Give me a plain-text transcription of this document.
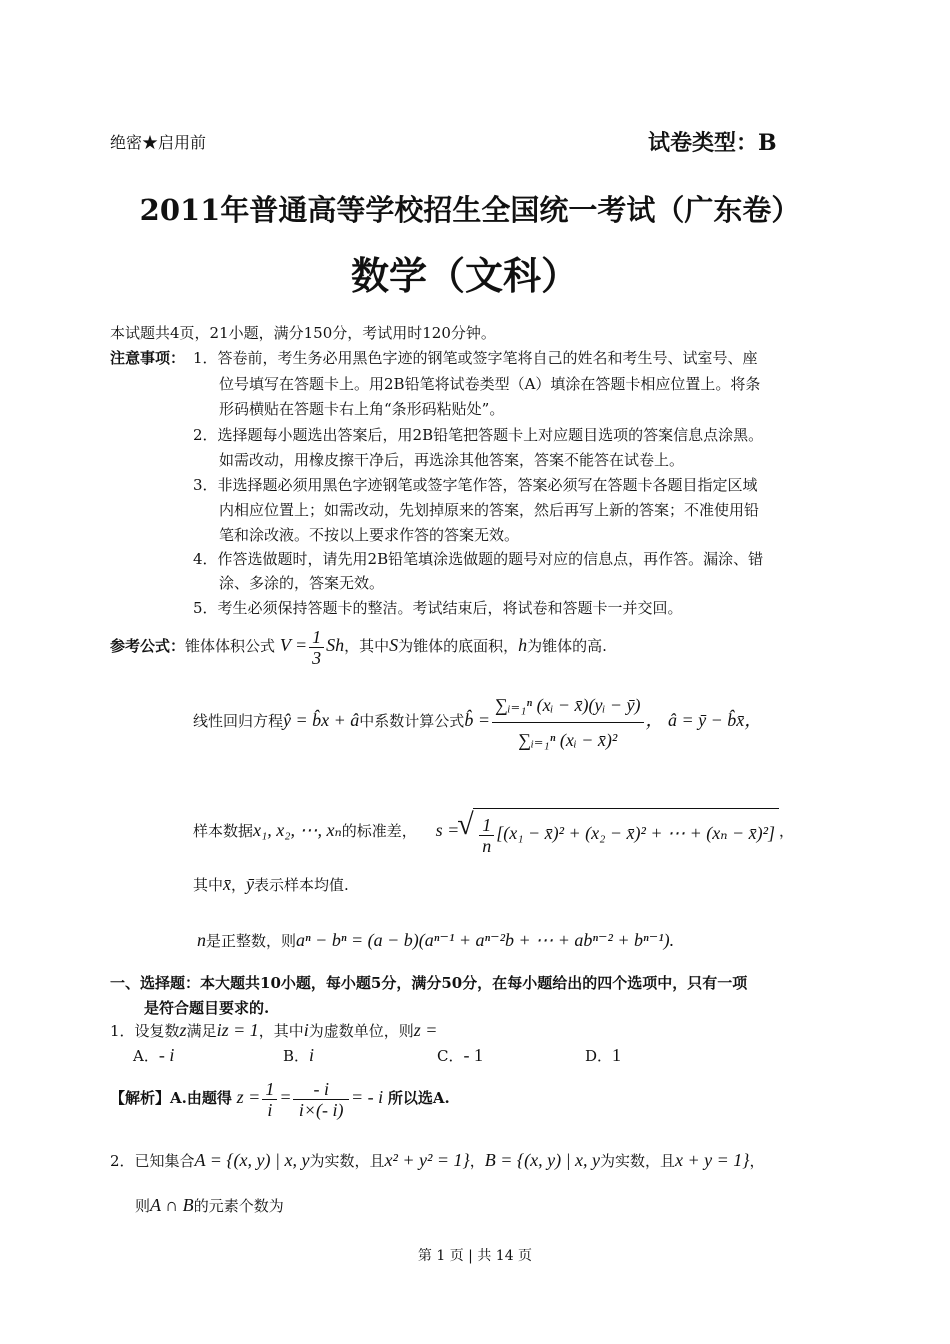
绝密★启用前	试卷类型：B
2011年普通高等学校招生全国统一考试（广东卷）
数学（文科）
本试题共4页，21小题，满分150分，考试用时120分钟。
注意事项： 1．答卷前，考生务必用黑色字迹的钢笔或签字笔将自己的姓名和考生号、试室号、座
位号填写在答题卡上。用2B铅笔将试卷类型（A）填涂在答题卡相应位置上。将条
形码横贴在答题卡右上角“条形码粘贴处”。
2．选择题每小题选出答案后，用2B铅笔把答题卡上对应题目选项的答案信息点涂黑。
如需改动，用橡皮擦干净后，再选涂其他答案，答案不能答在试卷上。
3．非选择题必须用黑色字迹钢笔或签字笔作答，答案必须写在答题卡各题目指定区域
内相应位置上；如需改动，先划掉原来的答案，然后再写上新的答案；不准使用铅
笔和涂改液。不按以上要求作答的答案无效。
4．作答选做题时，请先用2B铅笔填涂选做题的题号对应的信息点，再作答。漏涂、错
涂、多涂的，答案无效。
5．考生必须保持答题卡的整洁。考试结束后，将试卷和答题卡一并交回。
参考公式：锥体体积公式 $V = \frac{1}{3}$ Sh，其中S为锥体的底面积，h为锥体的高.
线性回归方程ŷ = b̂x + â中系数计算公式b̂ = $\frac{\text{∑ᵢ₌₁ⁿ (xᵢ − x̄)(yᵢ − ȳ)}}{\text{∑ᵢ₌₁ⁿ (xᵢ − x̄)²}}$ ， â = ȳ − b̂x̄，
样本数据x₁, x₂, ⋯, xₙ的标准差， s = √ $\frac{1}{n} [(x_1$ − x̄)² + (x₂ − x̄)² + ⋯ + (xₙ − x̄)²] ，
其中x̄，ȳ表示样本均值.
n是正整数，则aⁿ − bⁿ = (a − b)(aⁿ⁻¹ + aⁿ⁻²b + ⋯ + abⁿ⁻² + bⁿ⁻¹).
一、选择题：本大题共10小题，每小题5分，满分50分，在每小题给出的四个选项中，只有一项
是符合题目要求的.
1．设复数z满足iz = 1，其中i为虚数单位，则z =
A．- i	B．i	C．- 1	D．1
【解析】A.由题得 $z = \frac{1}{i} = \frac{- i}{i\times(- i)}$ = - i 所以选A.
2．已知集合A = {(x, y) | x, y为实数，且x² + y² = 1}，B = {(x, y) | x, y为实数，且x + y = 1}，
则A ∩ B的元素个数为
第 1 页 | 共 14 页
